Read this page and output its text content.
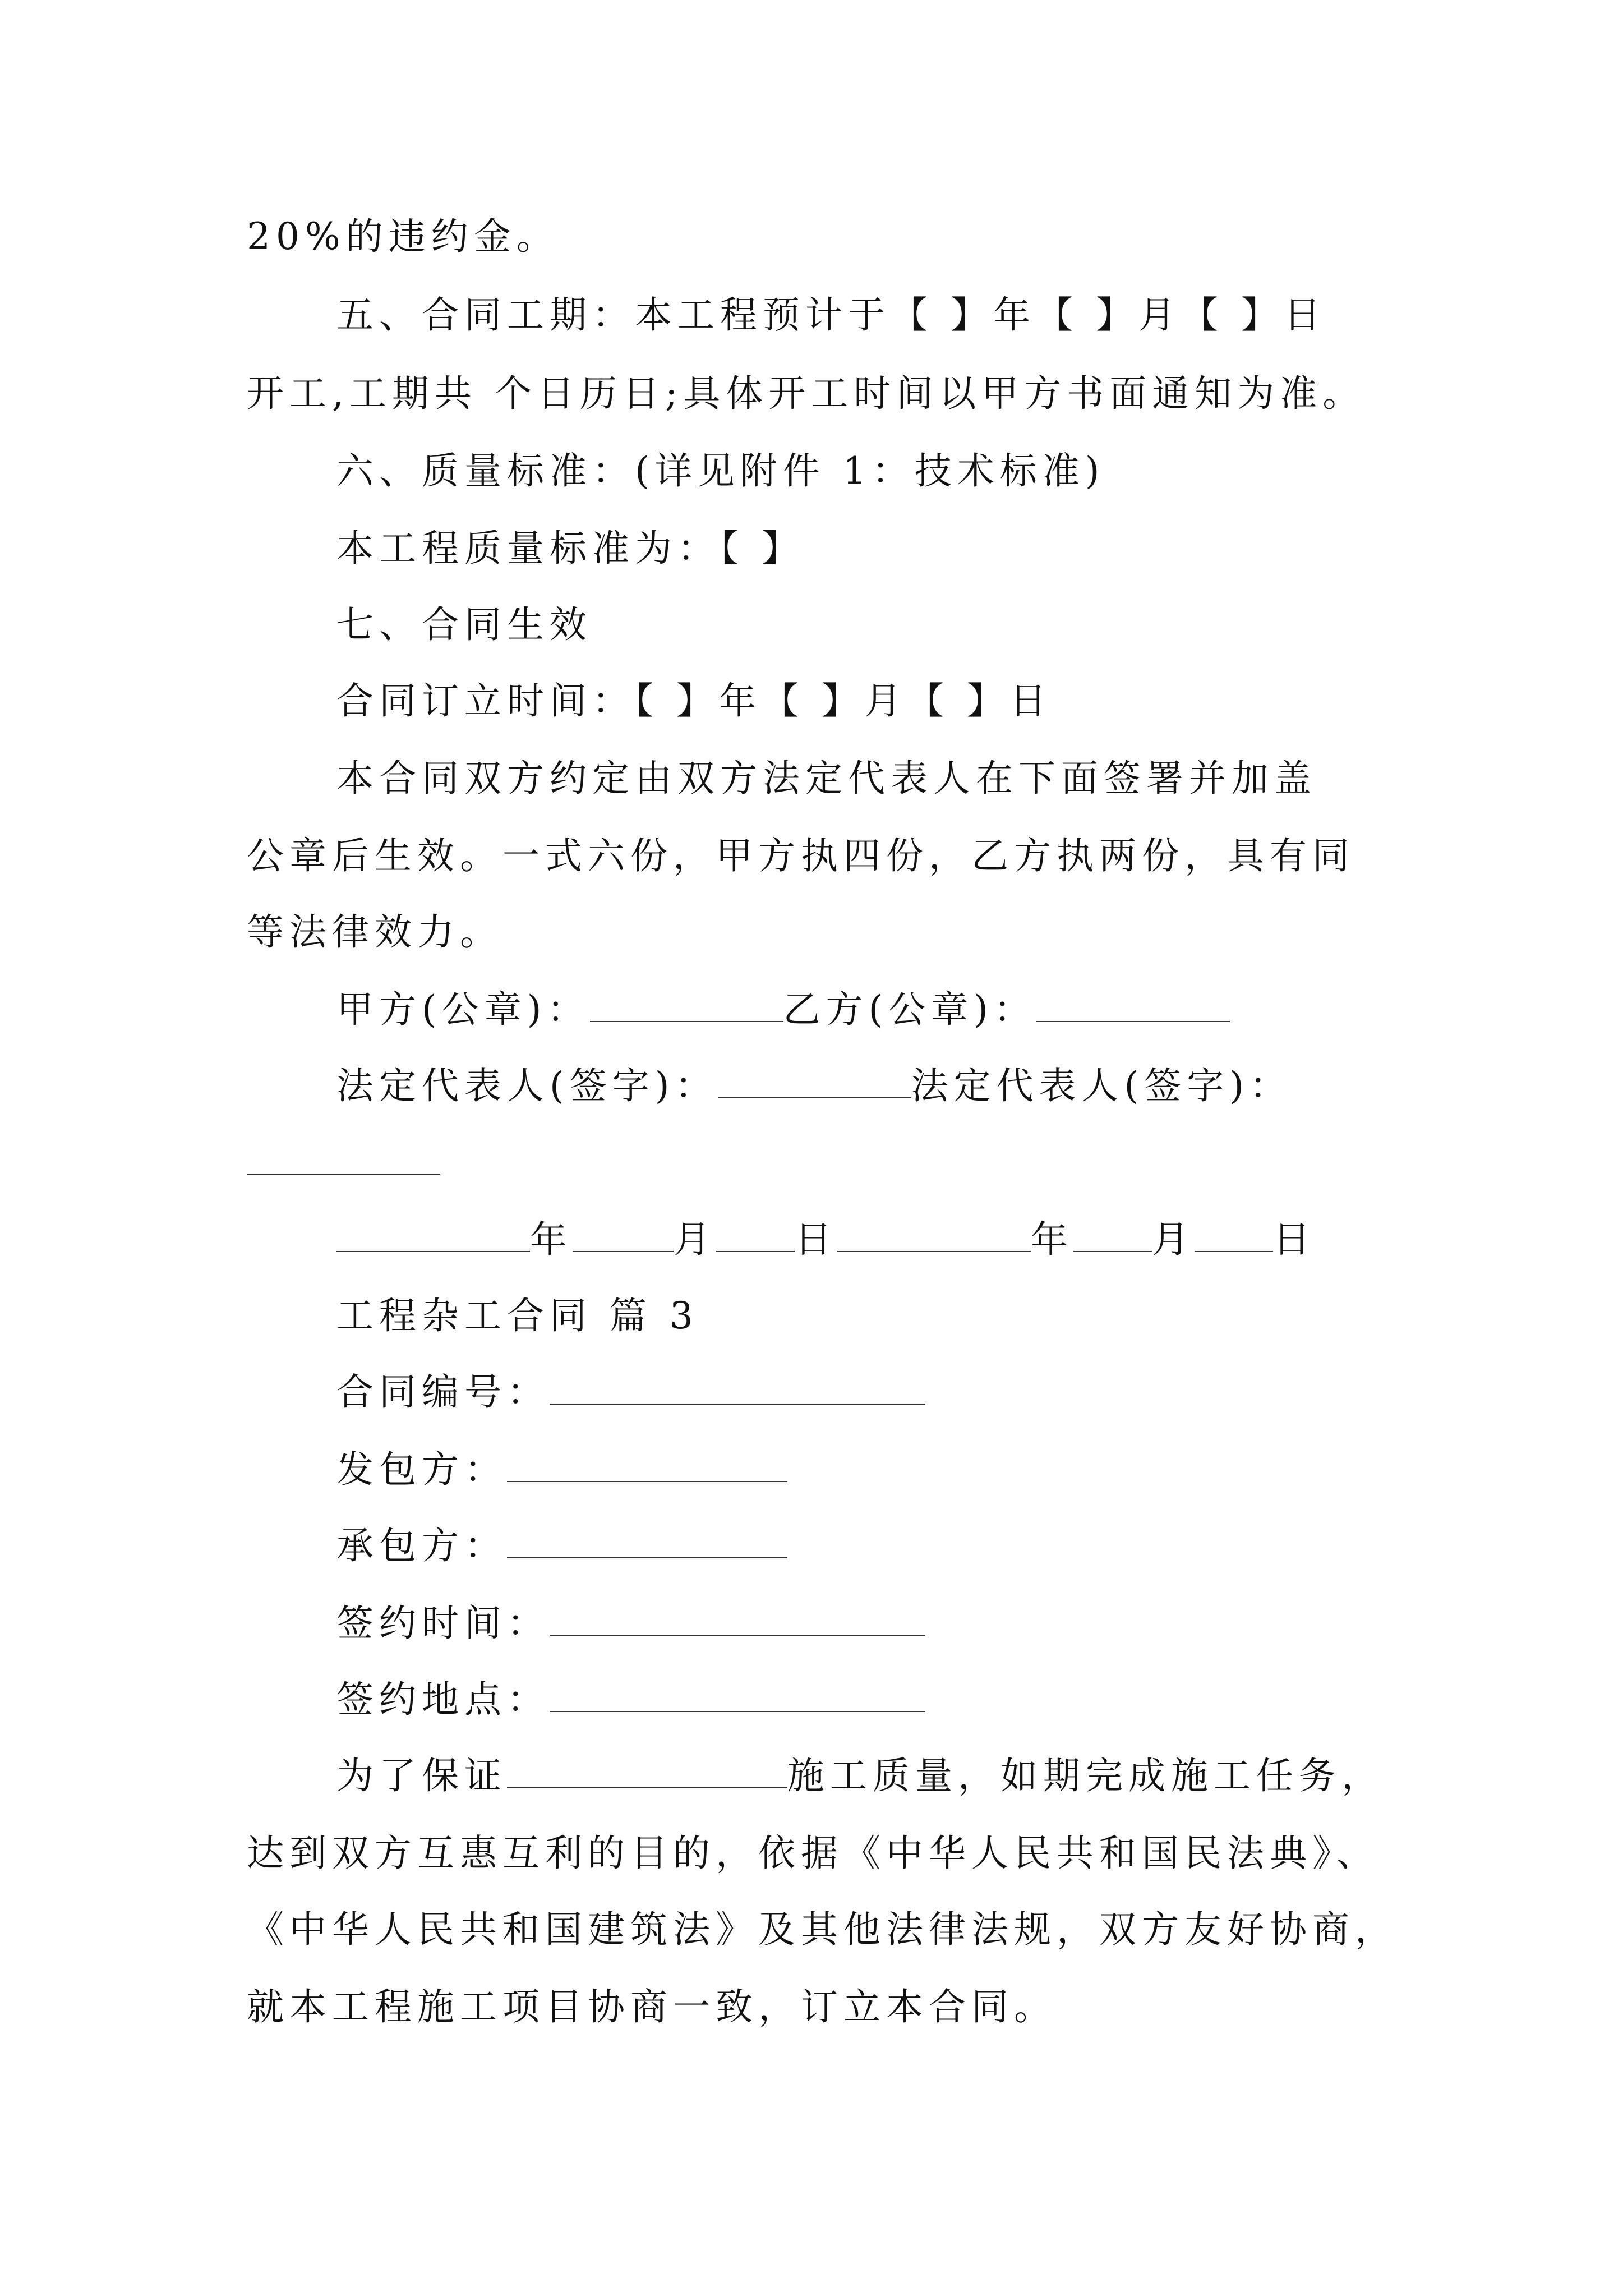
20%的违约金。
五、合同工期：本工程预计于【 】年【 】月【 】日
开工,工期共 个日历日;具体开工时间以甲方书面通知为准。
六、质量标准：(详见附件 1：技术标准)
本工程质量标准为：【 】
七、合同生效
合同订立时间：【 】年【 】月【 】日
本合同双方约定由双方法定代表人在下面签署并加盖
公章后生效。一式六份，甲方执四份，乙方执两份，具有同
等法律效力。
甲方(公章)：	乙方(公章)：
法定代表人(签字)：	法定代表人(签字)：
年	月 日	年 月 日
工程杂工合同 篇 3
合同编号：
发包方：
承包方：
签约时间：
签约地点：
为了保证	施工质量，如期完成施工任务，
达到双方互惠互利的目的，依据《中华人民共和国民法典》、
《中华人民共和国建筑法》及其他法律法规，双方友好协商，
就本工程施工项目协商一致，订立本合同。
